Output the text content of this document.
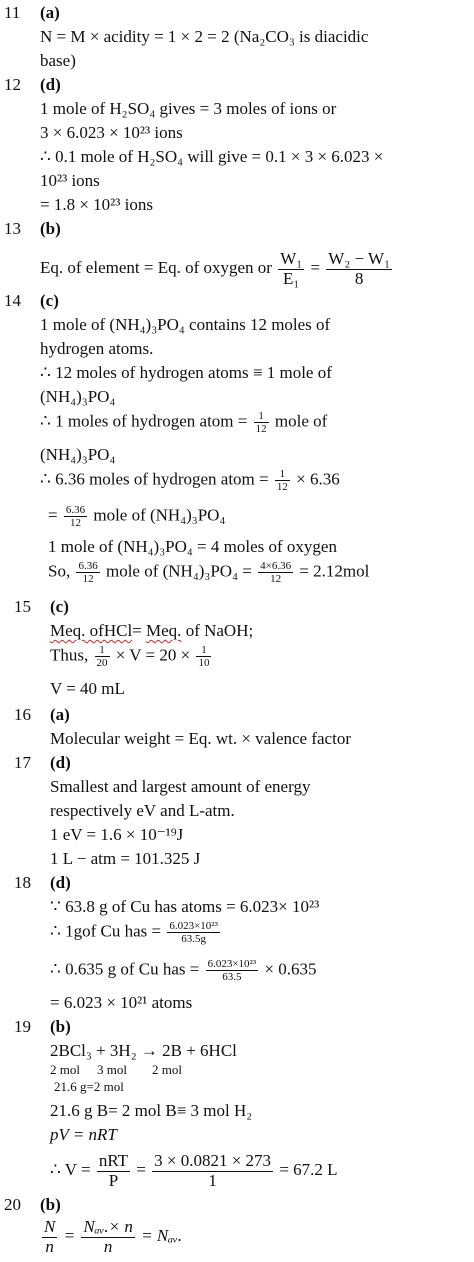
11 (a)
N = M × acidity = 1 × 2 = 2 (Na₂CO₃ is diacidic
base)
12 (d)
1 mole of H₂SO₄ gives = 3 moles of ions or
3 × 6.023 × 10²³ ions
∴ 0.1 mole of H₂SO₄ will give = 0.1 × 3 × 6.023 ×
10²³ ions
= 1.8 × 10²³ ions
13 (b)
Eq. of element = Eq. of oxygen or $\frac{\text{W₁}}{\text{E₁}} = \frac{\text{W₂ − W₁}}{8}$
14 (c)
1 mole of (NH₄)₃PO₄ contains 12 moles of
hydrogen atoms.
∴ 12 moles of hydrogen atoms ≡ 1 mole of
(NH₄)₃PO₄
∴ 1 moles of hydrogen atom = $\frac{1}{12}$ mole of
(NH₄)₃PO₄
∴ 6.36 moles of hydrogen atom = $\frac{1}{12} \times 6.36$
= $\frac{6.36}{12}$ mole of (NH₄)₃PO₄
1 mole of (NH₄)₃PO₄ = 4 moles of oxygen
So, $\frac{6.36}{12}$ mole of $(NH_4)_3PO_4 = \frac{4\times 6.36}{12} = 2.12mol$
15 (c)
Meq. ofHCl= Meq. of NaOH;
Thus, $\frac{1}{20} \times V = 20 \times \frac{1}{10}$
V = 40 mL
16 (a)
Molecular weight = Eq. wt. × valence factor
17 (d)
Smallest and largest amount of energy
respectively eV and L-atm.
1 eV = 1.6 × 10⁻¹⁹J
1 L − atm = 101.325 J
18 (d)
∵ 63.8 g of Cu has atoms = 6.023× 10²³
∴ 1gof Cu has = $\frac{\text{6.023×10²³}}{63.5g}$
∴ 0.635 g of Cu has = $\frac{\text{6.023×10²³}}{63.5} \times 0.635$
= 6.023 × 10²¹ atoms
19 (b)
2BCl₃ + 3H₂ → 2B + 6HCl
2 mol 3 mol 2 mol
21.6 g=2 mol
21.6 g B= 2 mol B≡ 3 mol H₂
pV = nRT
∴ $V = \frac{\text{nRT}}{P} = \frac{3 \times 0.0821 \times 273}{1} = 67.2$ L
20 (b)
$\frac{N}{n} = \frac{\text{Nₐᵥ.× n}}{n}$ = Nₐᵥ.
